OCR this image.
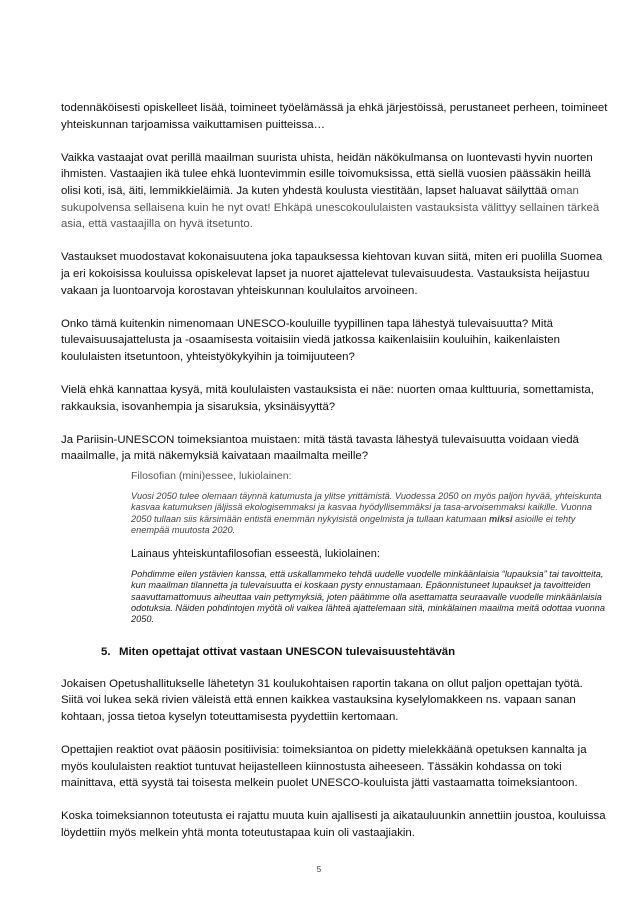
todennäköisesti opiskelleet lisää, toimineet työelämässä ja ehkä järjestöissä, perustaneet perheen, toimineet yhteiskunnan tarjoamissa vaikuttamisen puitteissa…

Vaikka vastaajat ovat perillä maailman suurista uhista, heidän näkökulmansa on luontevasti hyvin nuorten ihmisten. Vastaajien ikä tulee ehkä luontevimmin esille toivomuksissa, että siellä vuosien päässäkin heillä olisi koti, isä, äiti, lemmikkieläimiä. Ja kuten yhdestä koulusta viestitään, lapset haluavat säilyttää oman sukupolvensa sellaisena kuin he nyt ovat! Ehkäpä unescokoululaisten vastauksista välittyy sellainen tärkeä asia, että vastaajilla on hyvä itsetunto.

Vastaukset muodostavat kokonaisuutena joka tapauksessa kiehtovan kuvan siitä, miten eri puolilla Suomea ja eri kokoisissa kouluissa opiskelevat lapset ja nuoret ajattelevat tulevaisuudesta. Vastauksista heijastuu vakaan ja luontoarvoja korostavan yhteiskunnan koululaitos arvoineen.

Onko tämä kuitenkin nimenomaan UNESCO-kouluille tyypillinen tapa lähestyä tulevaisuutta? Mitä tulevaisuusajattelusta ja -osaamisesta voitaisiin viedä jatkossa kaikenlaisiin kouluihin, kaikenlaisten koululaisten itsetuntoon, yhteistyökykyihin ja toimijuuteen?

Vielä ehkä kannattaa kysyä, mitä koululaisten vastauksista ei näe: nuorten omaa kulttuuria, somettamista, rakkauksia, isovanhempia ja sisaruksia, yksinäisyyttä?

Ja Pariisin-UNESCON toimeksiantoa muistaen: mitä tästä tavasta lähestyä tulevaisuutta voidaan viedä maailmalle, ja mitä näkemyksiä kaivataan maailmalta meille?

Filosofian (mini)essee, lukiolainen:
Vuosi 2050 tulee olemaan täynnä katumusta ja ylitse yrittämistä. Vuodessa 2050 on myös paljon hyvää, yhteiskunta kasvaa katumuksen jäljissä ekologisemmaksi ja kasvaa hyödyllisemmäksi ja tasa-arvoisemmaksi kaikille. Vuonna 2050 tullaan siis kärsimään entistä enemmän nykyisistä ongelmista ja tullaan katumaan miksi asioille ei tehty enempää muutosta 2020.
Lainaus yhteiskuntafilosofian esseestä, lukiolainen:
Pohdimme eilen ystävien kanssa, että uskallammeko tehdä uudelle vuodelle minkäänlaisia “lupauksia” tai tavoitteita, kun maailman tilannetta ja tulevaisuutta ei koskaan pysty ennustamaan. Epäonnistuneet lupaukset ja tavoitteiden saavuttamattomuus aiheuttaa vain pettymyksiä, joten päätimme olla asettamatta seuraavalle vuodelle minkäänlaisia odotuksia. Näiden pohdintojen myötä oli vaikea lähteä ajattelemaan sitä, minkälainen maailma meitä odottaa vuonna 2050.
5. Miten opettajat ottivat vastaan UNESCON tulevaisuustehtävän

Jokaisen Opetushallitukselle lähetetyn 31 koulukohtaisen raportin takana on ollut paljon opettajan työtä. Siitä voi lukea sekä rivien väleistä että ennen kaikkea vastauksina kyselylomakkeen ns. vapaan sanan kohtaan, jossa tietoa kyselyn toteuttamisesta pyydettiin kertomaan.

Opettajien reaktiot ovat pääosin positiivisia: toimeksiantoa on pidetty mielekkäänä opetuksen kannalta ja myös koululaisten reaktiot tuntuvat heijastelleen kiinnostusta aiheeseen. Tässäkin kohdassa on toki mainittava, että syystä tai toisesta melkein puolet UNESCO-kouluista jätti vastaamatta toimeksiantoon.

Koska toimeksiannon toteutusta ei rajattu muuta kuin ajallisesti ja aikatauluunkin annettiin joustoa, kouluissa löydettiin myös melkein yhtä monta toteutustapaa kuin oli vastaajiakin.

5
